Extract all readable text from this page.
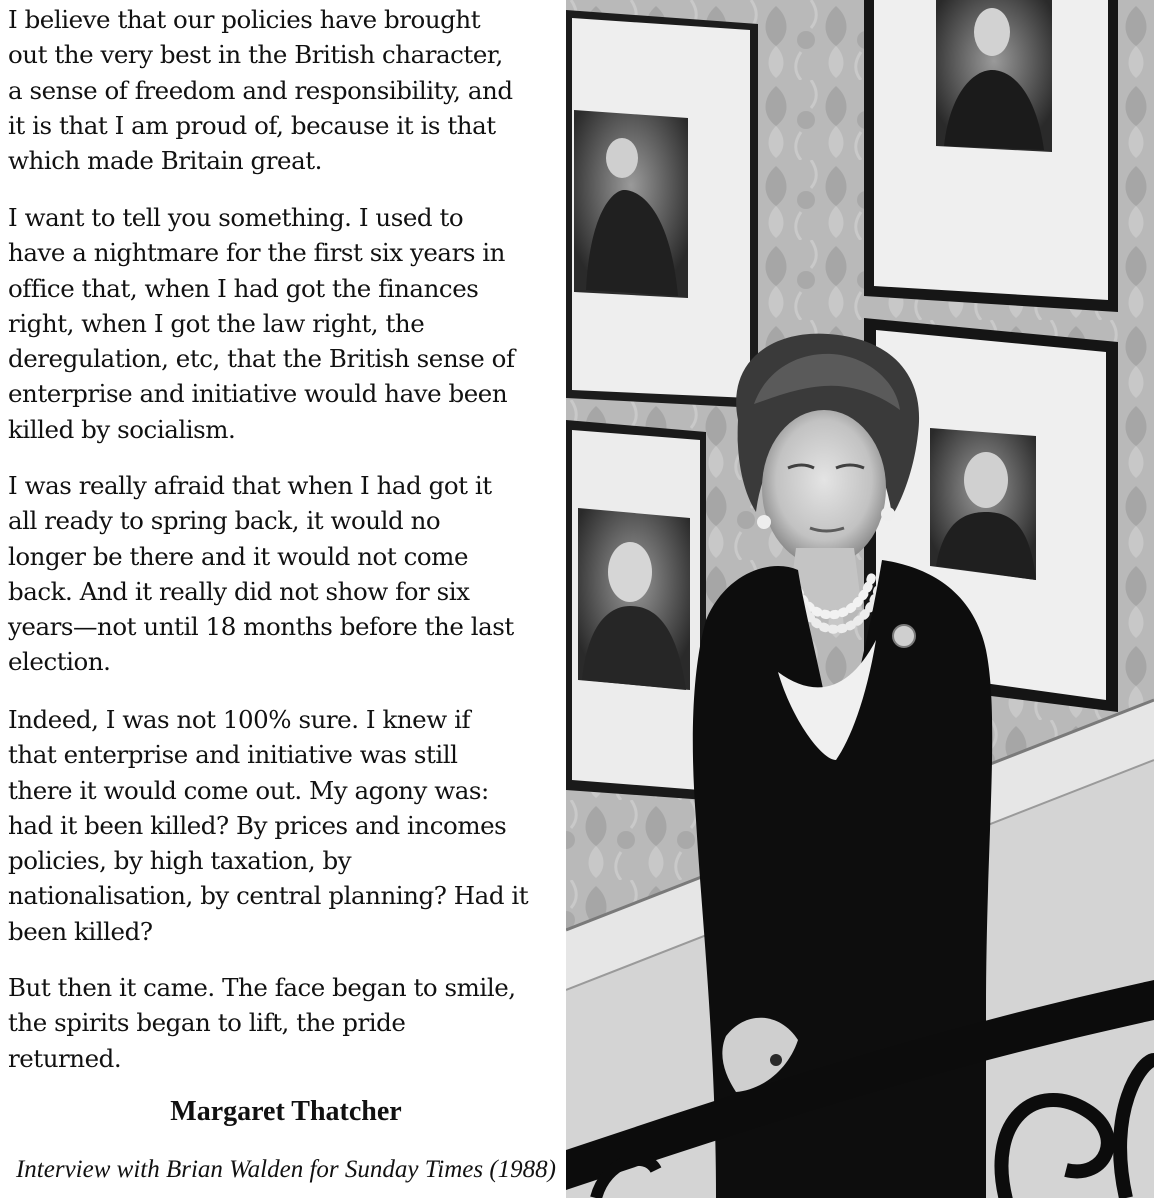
I believe that our policies have brought
out the very best in the British character,
a sense of freedom and responsibility, and
it is that I am proud of, because it is that
which made Britain great.

I want to tell you something. I used to
have a nightmare for the first six years in
office that, when I had got the finances
right, when I got the law right, the
deregulation, etc, that the British sense of
enterprise and initiative would have been
killed by socialism.

I was really afraid that when I had got it
all ready to spring back, it would no
longer be there and it would not come
back. And it really did not show for six
years—not until 18 months before the last
election.

Indeed, I was not 100% sure. I knew if
that enterprise and initiative was still
there it would come out. My agony was:
had it been killed? By prices and incomes
policies, by high taxation, by
nationalisation, by central planning? Had it
been killed?

But then it came. The face began to smile,
the spirits began to lift, the pride
returned.

Margaret Thatcher
Interview with Brian Walden for Sunday Times (1988)
